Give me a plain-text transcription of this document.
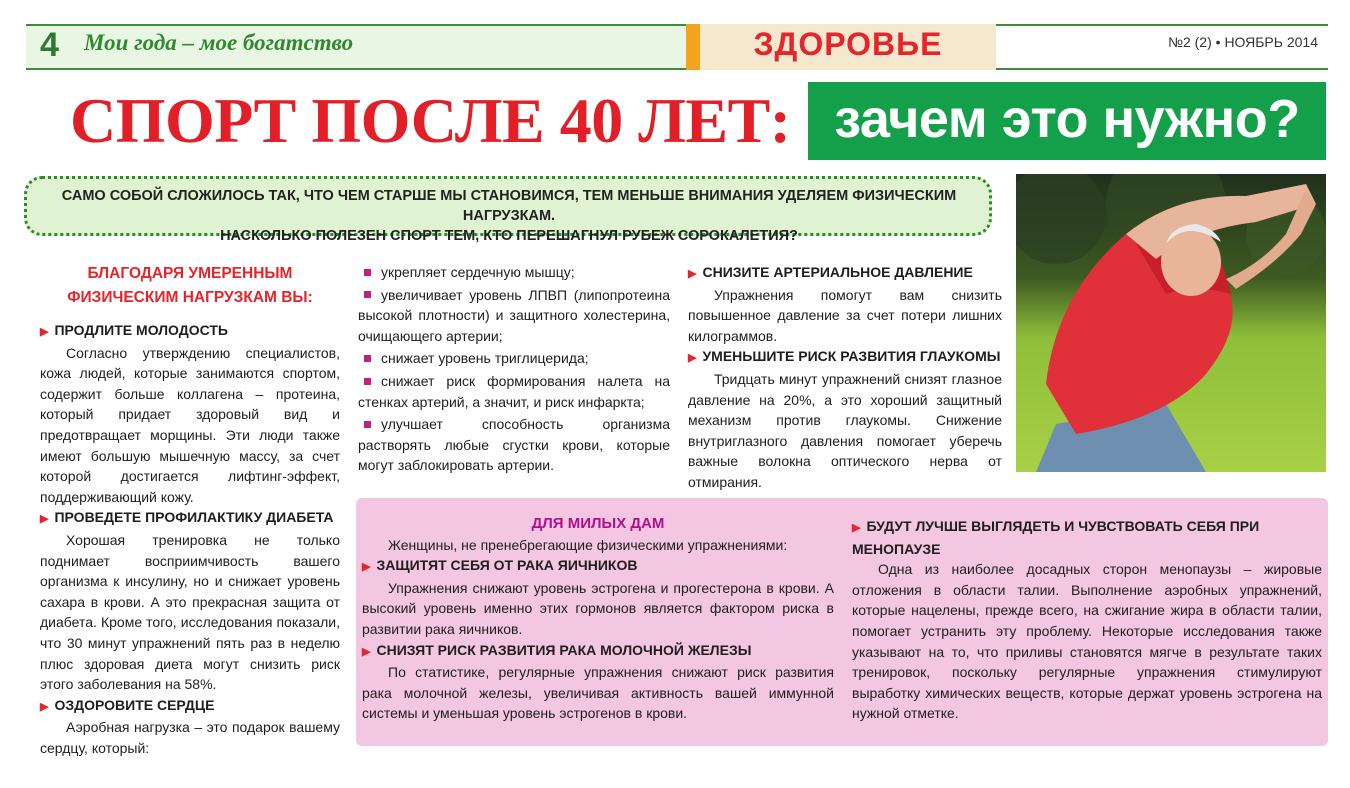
4 Мои года – мое богатство	ЗДОРОВЬЕ	№2 (2) • НОЯБРЬ 2014
СПОРТ ПОСЛЕ 40 ЛЕТ: зачем это нужно?
САМО СОБОЙ СЛОЖИЛОСЬ ТАК, ЧТО ЧЕМ СТАРШЕ МЫ СТАНОВИМСЯ, ТЕМ МЕНЬШЕ ВНИМАНИЯ УДЕЛЯЕМ ФИЗИЧЕСКИМ НАГРУЗКАМ.
НАСКОЛЬКО ПОЛЕЗЕН СПОРТ ТЕМ, КТО ПЕРЕШАГНУЛ РУБЕЖ СОРОКАЛЕТИЯ?
БЛАГОДАРЯ УМЕРЕННЫМ ФИЗИЧЕСКИМ НАГРУЗКАМ ВЫ:
▶ ПРОДЛИТЕ МОЛОДОСТЬ

Согласно утверждению специалистов, кожа людей, которые занимаются спортом, содержит больше коллагена – протеина, который придает здоровый вид и предотвращает морщины. Эти люди также имеют большую мышечную массу, за счет которой достигается лифтинг-эффект, поддерживающий кожу.

▶ ПРОВЕДЕТЕ ПРОФИЛАКТИКУ ДИАБЕТА

Хорошая тренировка не только поднимает восприимчивость вашего организма к инсулину, но и снижает уровень сахара в крови. А это прекрасная защита от диабета. Кроме того, исследования показали, что 30 минут упражнений пять раз в неделю плюс здоровая диета могут снизить риск этого заболевания на 58%.

▶ ОЗДОРОВИТЕ СЕРДЦЕ

Аэробная нагрузка – это подарок вашему сердцу, который:

укрепляет сердечную мышцу;
увеличивает уровень ЛПВП (липопротеина высокой плотности) и защитного холестерина, очищающего артерии;
снижает уровень триглицерида;
снижает риск формирования налета на стенках артерий, а значит, и риск инфаркта;
улучшает способность организма растворять любые сгустки крови, которые могут заблокировать артерии.
▶ СНИЗИТЕ АРТЕРИАЛЬНОЕ ДАВЛЕНИЕ

Упражнения помогут вам снизить повышенное давление за счет потери лишних килограммов.

▶ УМЕНЬШИТЕ РИСК РАЗВИТИЯ ГЛАУКОМЫ

Тридцать минут упражнений снизят глазное давление на 20%, а это хороший защитный механизм против глаукомы. Снижение внутриглазного давления помогает уберечь важные волокна оптического нерва от отмирания.

ДЛЯ МИЛЫХ ДАМ

Женщины, не пренебрегающие физическими упражнениями:

▶ ЗАЩИТЯТ СЕБЯ ОТ РАКА ЯИЧНИКОВ

Упражнения снижают уровень эстрогена и прогестерона в крови. А высокий уровень именно этих гормонов является фактором риска в развитии рака яичников.

▶ СНИЗЯТ РИСК РАЗВИТИЯ РАКА МОЛОЧНОЙ ЖЕЛЕЗЫ

По статистике, регулярные упражнения снижают риск развития рака молочной железы, увеличивая активность вашей иммунной системы и уменьшая уровень эстрогенов в крови.

▶ БУДУТ ЛУЧШЕ ВЫГЛЯДЕТЬ И ЧУВСТВОВАТЬ СЕБЯ ПРИ МЕНОПАУЗЕ

Одна из наиболее досадных сторон менопаузы – жировые отложения в области талии. Выполнение аэробных упражнений, которые нацелены, прежде всего, на сжигание жира в области талии, помогает устранить эту проблему. Некоторые исследования также указывают на то, что приливы становятся мягче в результате таких тренировок, поскольку регулярные упражнения стимулируют выработку химических веществ, которые держат уровень эстрогена на нужной отметке.
